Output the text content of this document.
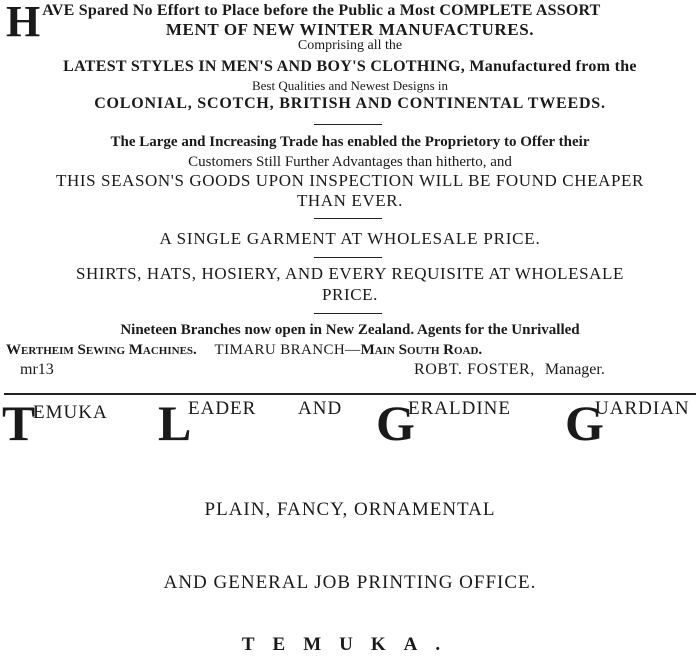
H AVE Spared No Effort to Place before the Public a Most COMPLETE ASSORT
MENT OF NEW WINTER MANUFACTURES.
Comprising all the
LATEST STYLES IN MEN'S AND BOY'S CLOTHING, Manufactured from the
Best Qualities and Newest Designs in
COLONIAL, SCOTCH, BRITISH AND CONTINENTAL TWEEDS.
The Large and Increasing Trade has enabled the Proprietory to Offer their
Customers Still Further Advantages than hitherto, and
THIS SEASON'S GOODS UPON INSPECTION WILL BE FOUND CHEAPER
THAN EVER.
A SINGLE GARMENT AT WHOLESALE PRICE.
SHIRTS, HATS, HOSIERY, AND EVERY REQUISITE AT WHOLESALE
PRICE.
Nineteen Branches now open in New Zealand. Agents for the Unrivalled
Wertheim Sewing Machines. TIMARU BRANCH—Main South Road.
mr13	ROBT. FOSTER, Manager.
T
EMUKA L
EADER AND G
ERALDINE G
UARDIAN
PLAIN, FANCY, ORNAMENTAL
AND GENERAL JOB PRINTING OFFICE.
TEMUKA.
